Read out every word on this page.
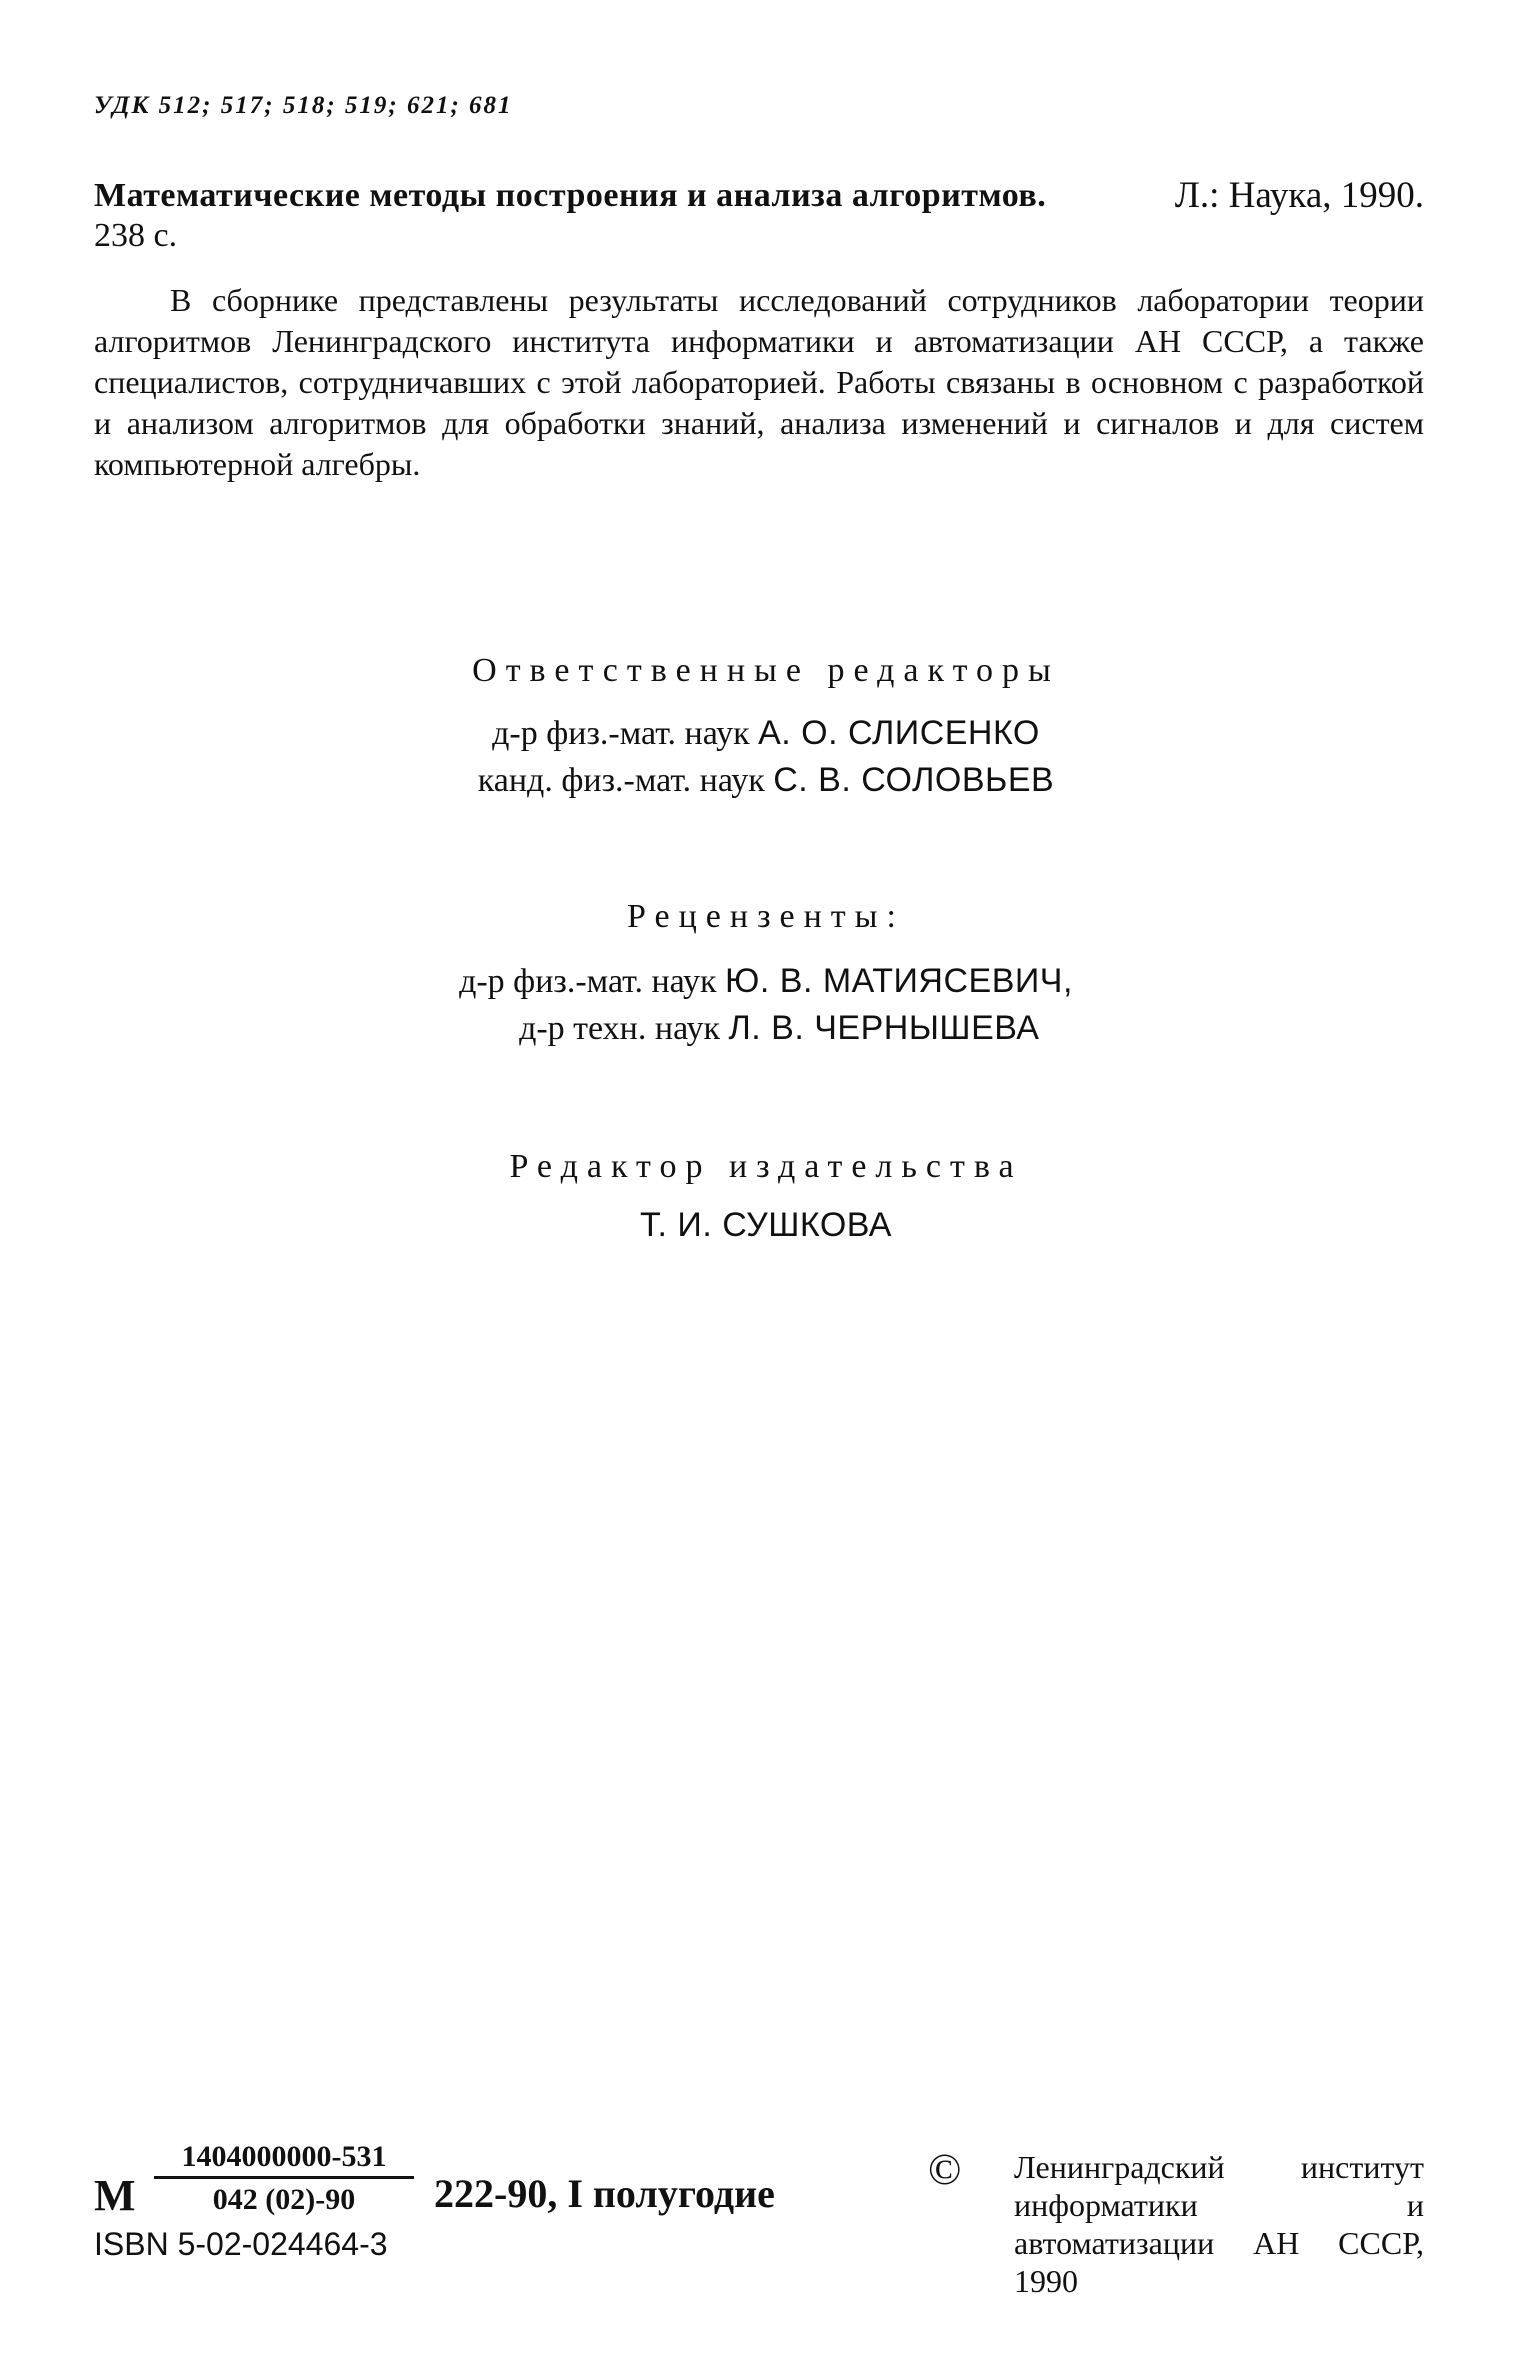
УДК 512; 517; 518; 519; 621; 681
Л.: Наука, 1990.
Математические методы построения и анализа алгоритмов.
238 с.
В сборнике представлены результаты исследований сотрудников лаборатории теории алгоритмов Ленинградского института информатики и автоматизации АН СССР, а также специалистов, сотрудничавших с этой лабораторией. Работы связаны в основном с разработкой и анализом алгоритмов для обработки знаний, анализа изменений и сигналов и для систем компьютерной алгебры.
Ответственные редакторы
д-р физ.-мат. наук А. О. СЛИСЕНКО
канд. физ.-мат. наук С. В. СОЛОВЬЕВ
Рецензенты:
д-р физ.-мат. наук Ю. В. МАТИЯСЕВИЧ,
д-р техн. наук Л. В. ЧЕРНЫШЕВА
Редактор издательства
Т. И. СУШКОВА
М $\frac{1404000000-531}{042 (02)-90} 222-90$, I полугодие
ISBN 5-02-024464-3
© Ленинградский институт информатики и автоматизации АН СССР, 1990
